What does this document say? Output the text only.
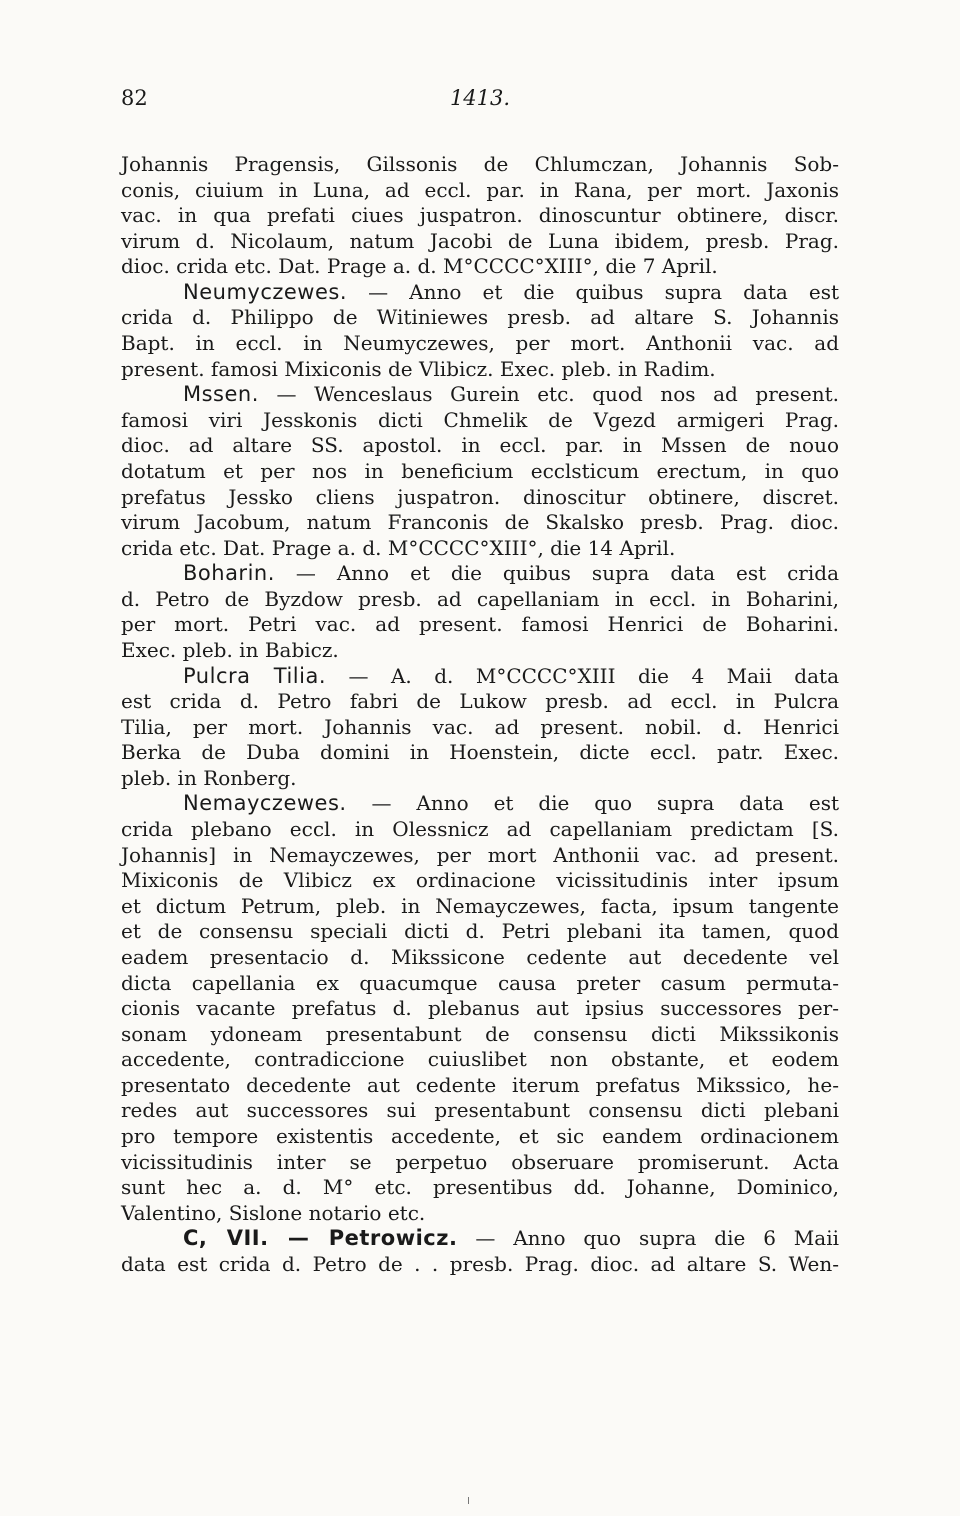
82	1413.
Johannis Pragensis, Gilssonis de Chlumczan, Johannis Sob-
conis, ciuium in Luna, ad eccl. par. in Rana, per mort. Jaxonis
vac. in qua prefati ciues juspatron. dinoscuntur obtinere, discr.
virum d. Nicolaum, natum Jacobi de Luna ibidem, presb. Prag.
dioc. crida etc. Dat. Prage a. d. M°CCCC°XIII°, die 7 April.
Neumyczewes. — Anno et die quibus supra data est
crida d. Philippo de Witiniewes presb. ad altare S. Johannis
Bapt. in eccl. in Neumyczewes, per mort. Anthonii vac. ad
present. famosi Mixiconis de Vlibicz. Exec. pleb. in Radim.
Mssen. — Wenceslaus Gurein etc. quod nos ad present.
famosi viri Jesskonis dicti Chmelik de Vgezd armigeri Prag.
dioc. ad altare SS. apostol. in eccl. par. in Mssen de nouo
dotatum et per nos in beneficium ecclsticum erectum, in quo
prefatus Jessko cliens juspatron. dinoscitur obtinere, discret.
virum Jacobum, natum Franconis de Skalsko presb. Prag. dioc.
crida etc. Dat. Prage a. d. M°CCCC°XIII°, die 14 April.
Boharin. — Anno et die quibus supra data est crida
d. Petro de Byzdow presb. ad capellaniam in eccl. in Boharini,
per mort. Petri vac. ad present. famosi Henrici de Boharini.
Exec. pleb. in Babicz.
Pulcra Tilia. — A. d. M°CCCC°XIII die 4 Maii data
est crida d. Petro fabri de Lukow presb. ad eccl. in Pulcra
Tilia, per mort. Johannis vac. ad present. nobil. d. Henrici
Berka de Duba domini in Hoenstein, dicte eccl. patr. Exec.
pleb. in Ronberg.
Nemayczewes. — Anno et die quo supra data est
crida plebano eccl. in Olessnicz ad capellaniam predictam [S.
Johannis] in Nemayczewes, per mort Anthonii vac. ad present.
Mixiconis de Vlibicz ex ordinacione vicissitudinis inter ipsum
et dictum Petrum, pleb. in Nemayczewes, facta, ipsum tangente
et de consensu speciali dicti d. Petri plebani ita tamen, quod
eadem presentacio d. Mikssicone cedente aut decedente vel
dicta capellania ex quacumque causa preter casum permuta-
cionis vacante prefatus d. plebanus aut ipsius successores per-
sonam ydoneam presentabunt de consensu dicti Mikssikonis
accedente, contradiccione cuiuslibet non obstante, et eodem
presentato decedente aut cedente iterum prefatus Mikssico, he-
redes aut successores sui presentabunt consensu dicti plebani
pro tempore existentis accedente, et sic eandem ordinacionem
vicissitudinis inter se perpetuo obseruare promiserunt. Acta
sunt hec a. d. M° etc. presentibus dd. Johanne, Dominico,
Valentino, Sislone notario etc.
C, VII. — Petrowicz. — Anno quo supra die 6 Maii
data est crida d. Petro de . . presb. Prag. dioc. ad altare S. Wen-
